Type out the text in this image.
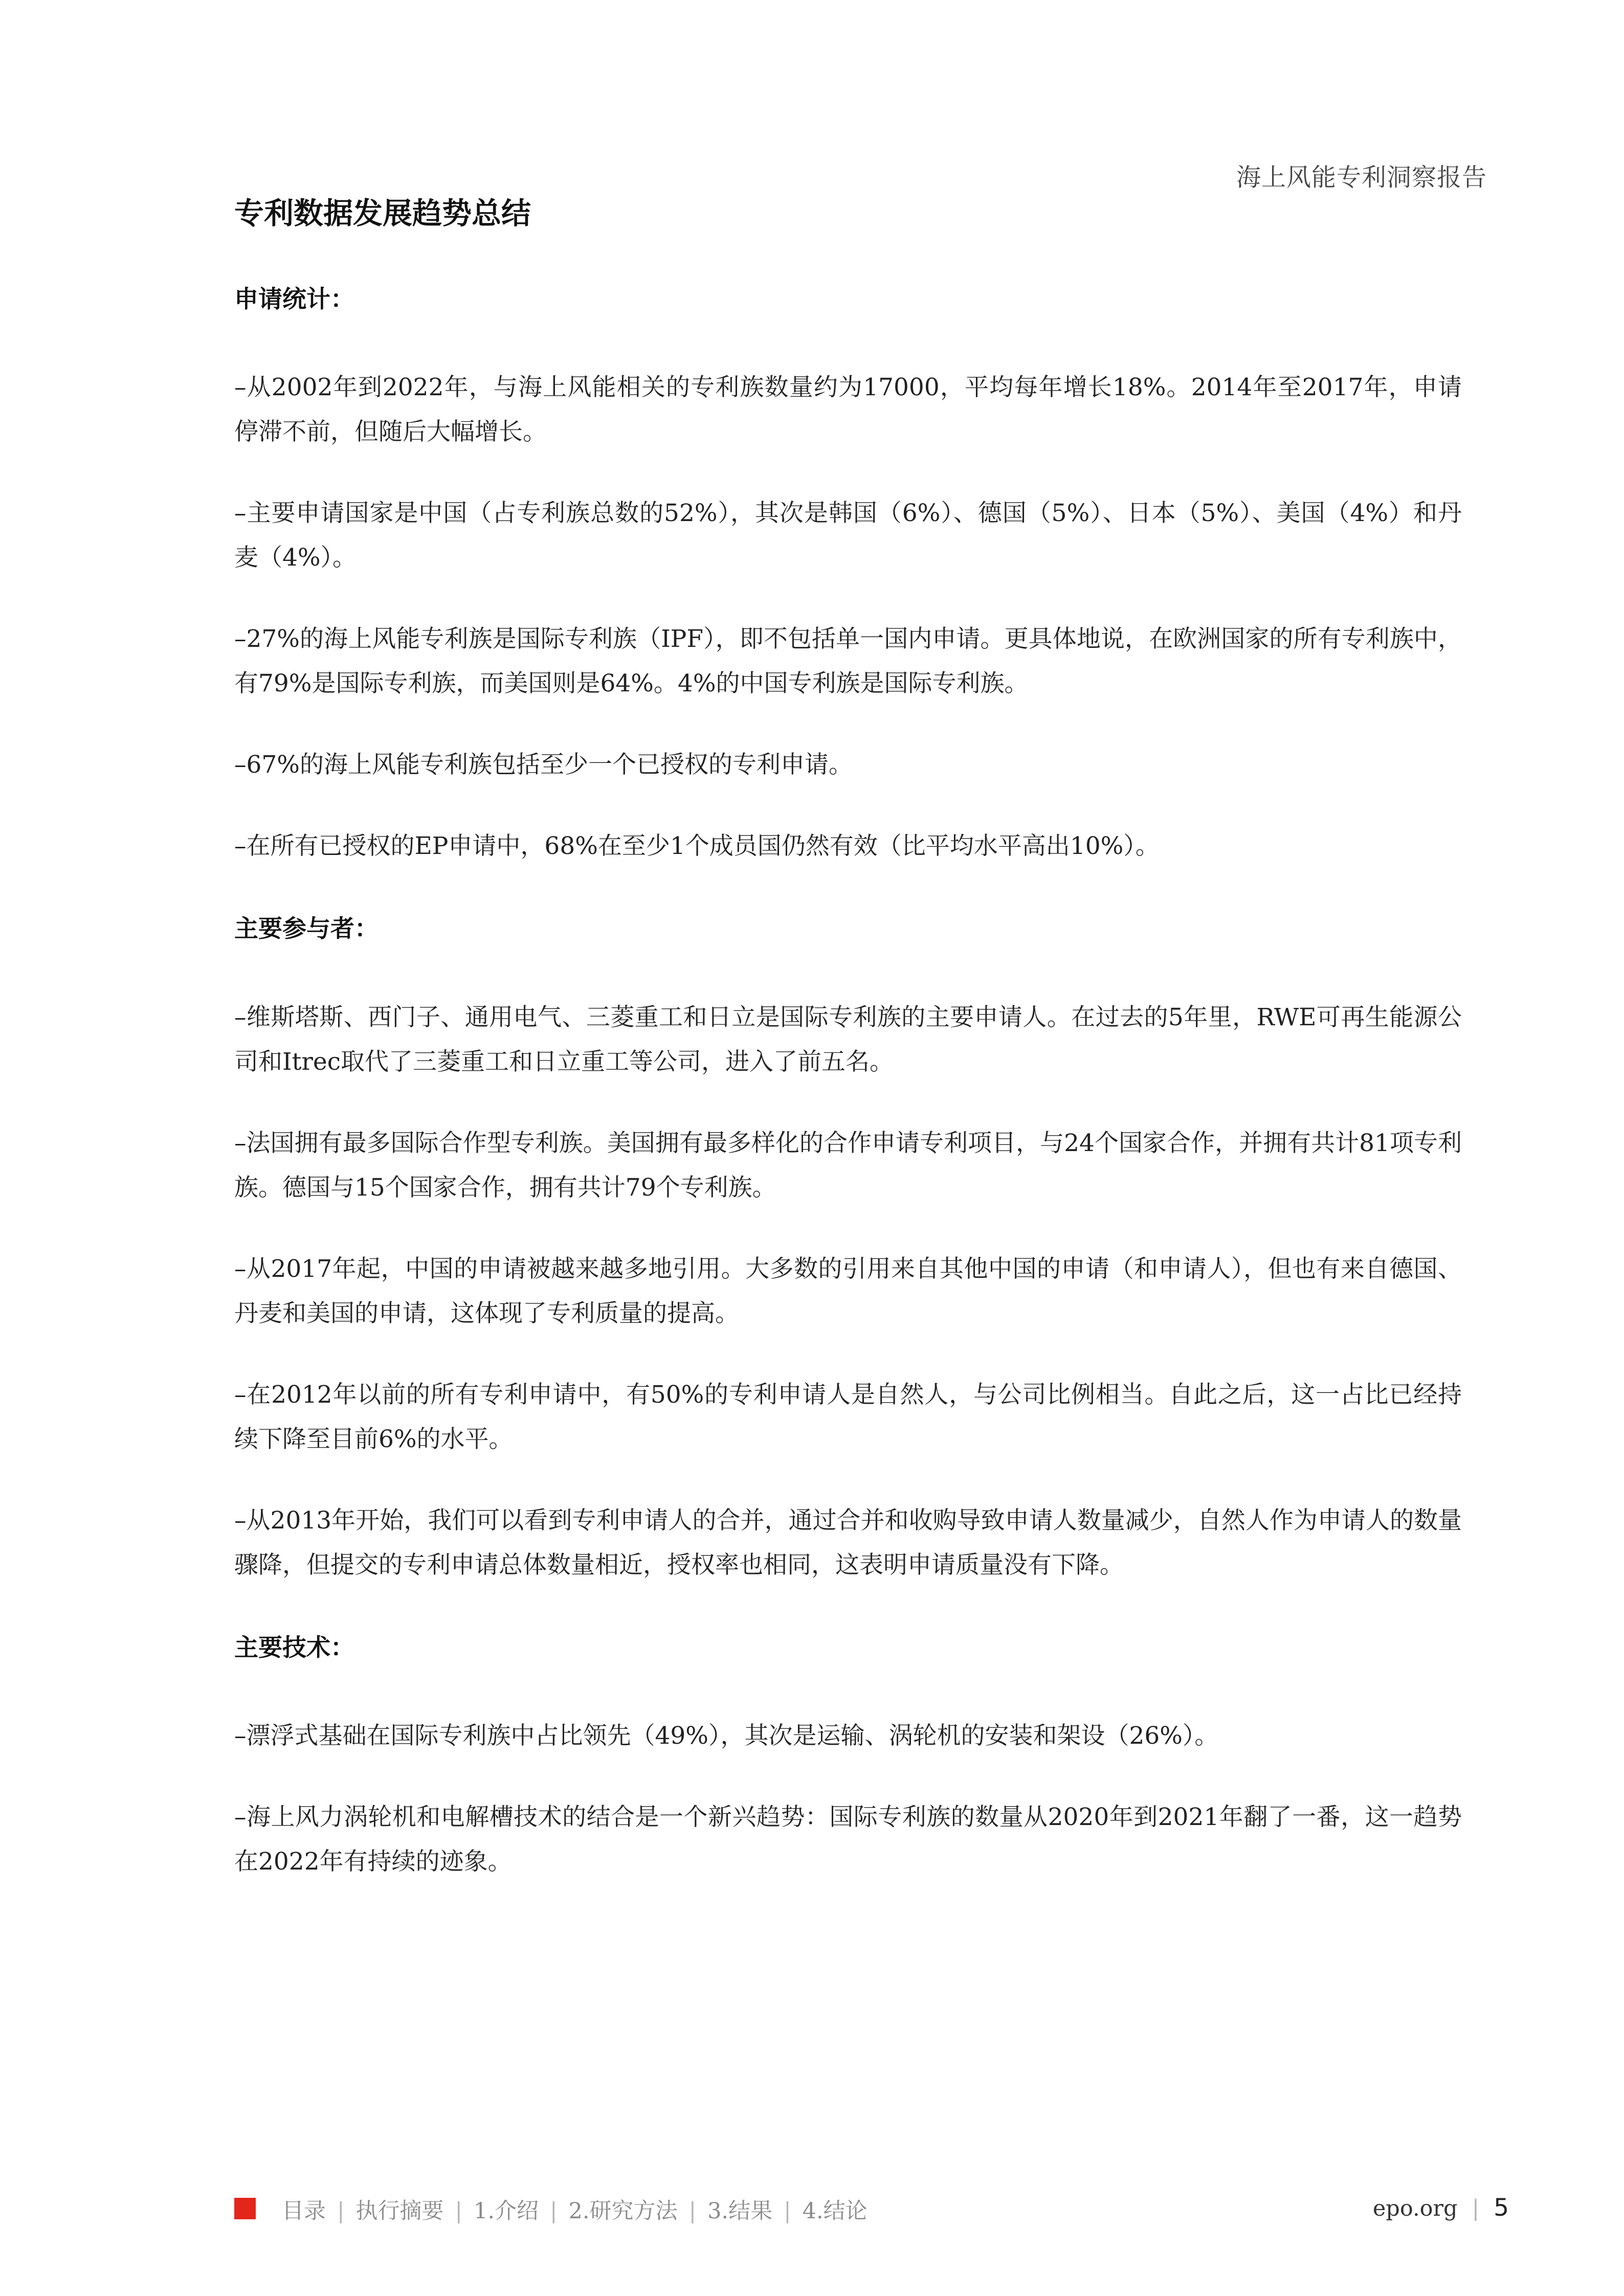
海上风能专利洞察报告
专利数据发展趋势总结
申请统计：

–从2002年到2022年，与海上风能相关的专利族数量约为17000，平均每年增长18%。2014年至2017年，申请停滞不前，但随后大幅增长。

–主要申请国家是中国（占专利族总数的52%），其次是韩国（6%）、德国（5%）、日本（5%）、美国（4%）和丹麦（4%）。

–27%的海上风能专利族是国际专利族（IPF），即不包括单一国内申请。更具体地说，在欧洲国家的所有专利族中，有79%是国际专利族，而美国则是64%。4%的中国专利族是国际专利族。

–67%的海上风能专利族包括至少一个已授权的专利申请。

–在所有已授权的EP申请中，68%在至少1个成员国仍然有效（比平均水平高出10%）。

主要参与者：

–维斯塔斯、西门子、通用电气、三菱重工和日立是国际专利族的主要申请人。在过去的5年里，RWE可再生能源公司和Itrec取代了三菱重工和日立重工等公司，进入了前五名。

–法国拥有最多国际合作型专利族。美国拥有最多样化的合作申请专利项目，与24个国家合作，并拥有共计81项专利族。德国与15个国家合作，拥有共计79个专利族。

–从2017年起，中国的申请被越来越多地引用。大多数的引用来自其他中国的申请（和申请人），但也有来自德国、丹麦和美国的申请，这体现了专利质量的提高。

–在2012年以前的所有专利申请中，有50%的专利申请人是自然人，与公司比例相当。自此之后，这一占比已经持续下降至目前6%的水平。

–从2013年开始，我们可以看到专利申请人的合并，通过合并和收购导致申请人数量减少，自然人作为申请人的数量骤降，但提交的专利申请总体数量相近，授权率也相同，这表明申请质量没有下降。

主要技术：

–漂浮式基础在国际专利族中占比领先（49%），其次是运输、涡轮机的安装和架设（26%）。

–海上风力涡轮机和电解槽技术的结合是一个新兴趋势：国际专利族的数量从2020年到2021年翻了一番，这一趋势在2022年有持续的迹象。

目录 | 执行摘要 | 1.介绍 | 2.研究方法 | 3.结果 | 4.结论	epo.org | 5
